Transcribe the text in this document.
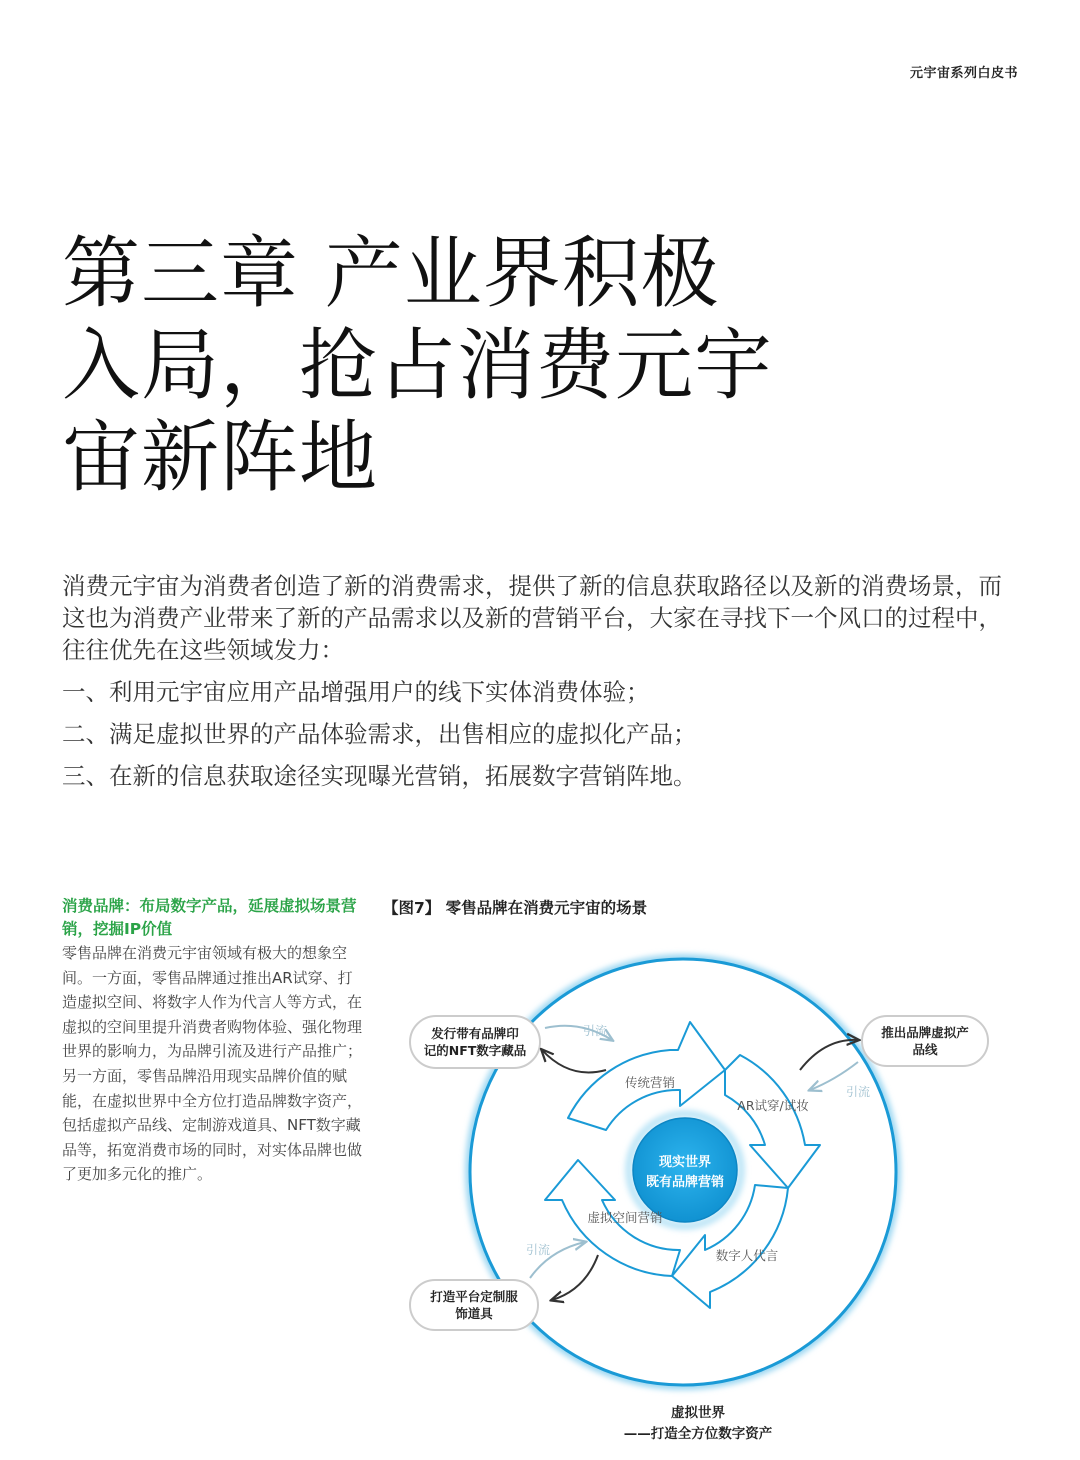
元宇宙系列白皮书
第三章 产业界积极
入局，抢占消费元宇
宙新阵地

消费元宇宙为消费者创造了新的消费需求，提供了新的信息获取路径以及新的消费场景，而这也为消费产业带来了新的产品需求以及新的营销平台，大家在寻找下一个风口的过程中，往往优先在这些领域发力：

一、利用元宇宙应用产品增强用户的线下实体消费体验；

二、满足虚拟世界的产品体验需求，出售相应的虚拟化产品；

三、在新的信息获取途径实现曝光营销，拓展数字营销阵地。

消费品牌：布局数字产品，延展虚拟场景营销，挖掘IP价值

零售品牌在消费元宇宙领域有极大的想象空间。一方面，零售品牌通过推出AR试穿、打造虚拟空间、将数字人作为代言人等方式，在虚拟的空间里提升消费者购物体验、强化物理世界的影响力，为品牌引流及进行产品推广；另一方面，零售品牌沿用现实品牌价值的赋能，在虚拟世界中全方位打造品牌数字资产，包括虚拟产品线、定制游戏道具、NFT数字藏品等，拓宽消费市场的同时，对实体品牌也做了更加多元化的推广。

【图7】 零售品牌在消费元宇宙的场景

现实世界
既有品牌营销
传统营销
AR试穿/试妆
虚拟空间营销
数字人代言
发行带有品牌印
记的NFT数字藏品
推出品牌虚拟产
品线
打造平台定制服
饰道具
引流
引流
引流
虚拟世界
——打造全方位数字资产
